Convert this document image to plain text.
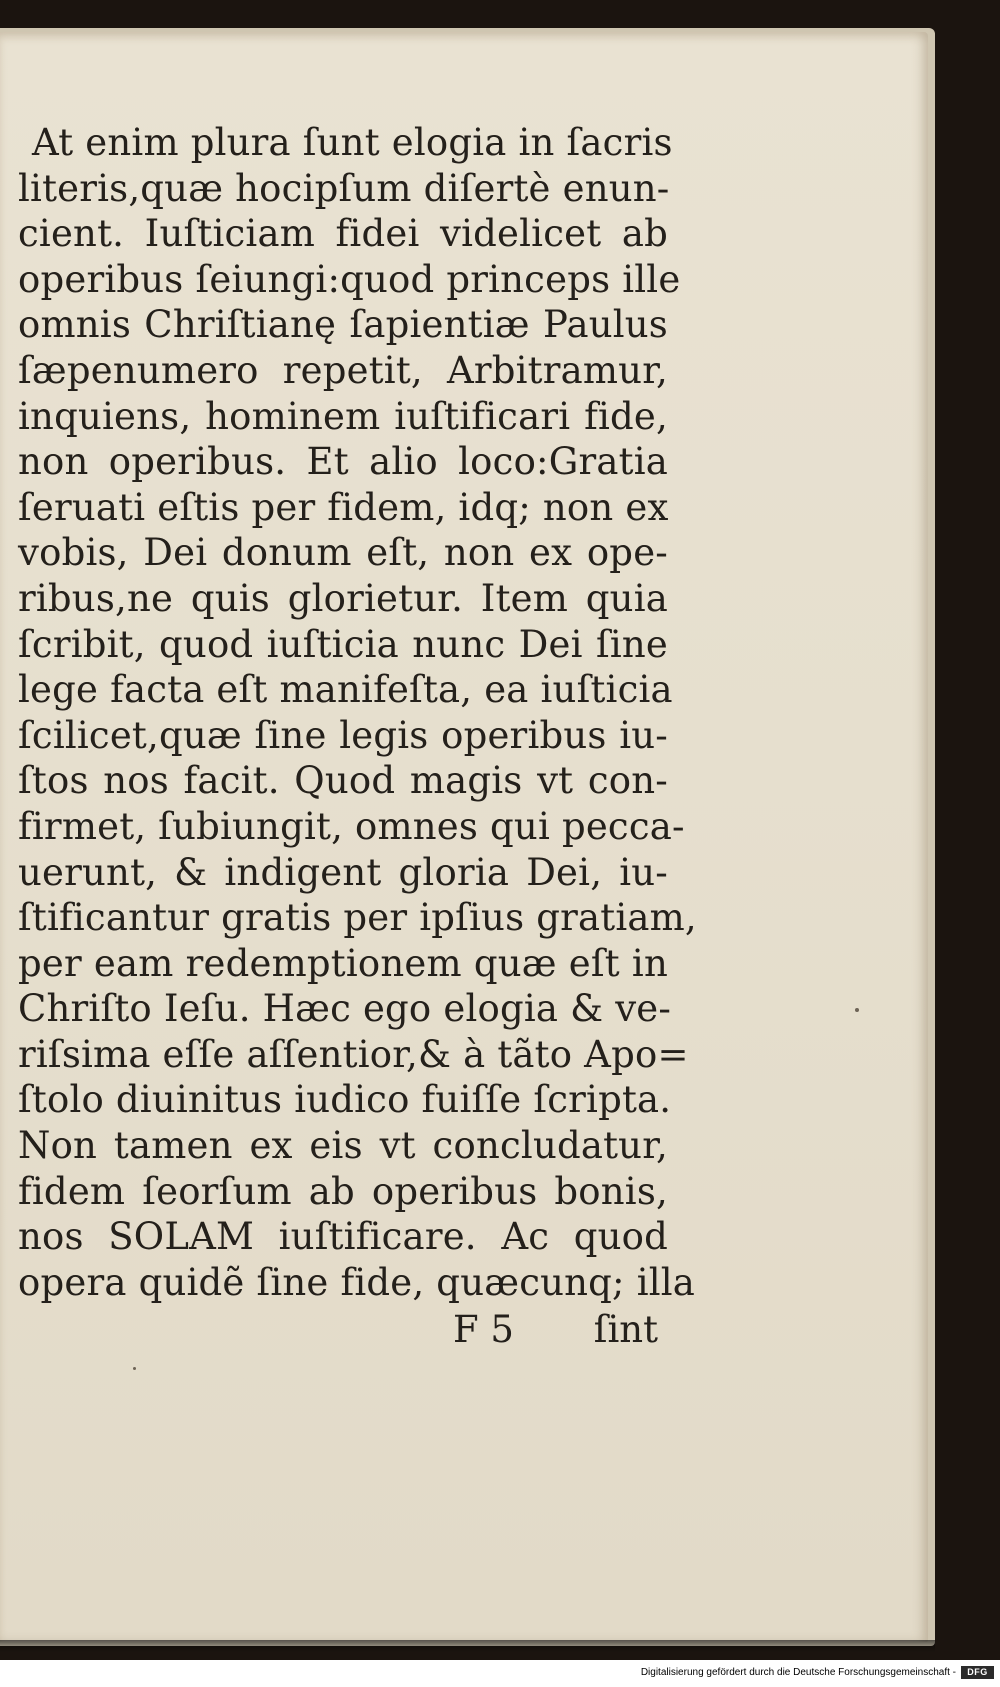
At enim plura ſunt elogia in ſacris
literis,quæ hocipſum diſertè enun-
cient. Iuſticiam fidei videlicet ab
operibus ſeiungi:quod princeps ille
omnis Chriſtianę ſapientiæ Paulus
ſæpenumero repetit, Arbitramur,
inquiens, hominem iuſtificari fide,
non operibus. Et alio loco:Gratia
ſeruati eſtis per fidem, idq; non ex
vobis, Dei donum eſt, non ex ope-
ribus,ne quis glorietur. Item quia
ſcribit, quod iuſticia nunc Dei ſine
lege facta eſt manifeſta, ea iuſticia
ſcilicet,quæ ſine legis operibus iu-
ſtos nos facit. Quod magis vt con-
firmet, ſubiungit, omnes qui pecca-
uerunt, & indigent gloria Dei, iu-
ſtificantur gratis per ipſius gratiam,
per eam redemptionem quæ eſt in
Chriſto Ieſu. Hæc ego elogia & ve-
riſsima eſſe aſſentior,& à tãto Apo=
ſtolo diuinitus iudico fuiſſe ſcripta.
Non tamen ex eis vt concludatur,
fidem ſeorſum ab operibus bonis,
nos SOLAM iuſtificare. Ac quod
opera quidẽ ſine fide, quæcunq; illa
F 5 ſint
Digitalisierung gefördert durch die Deutsche Forschungsgemeinschaft -	DFG
